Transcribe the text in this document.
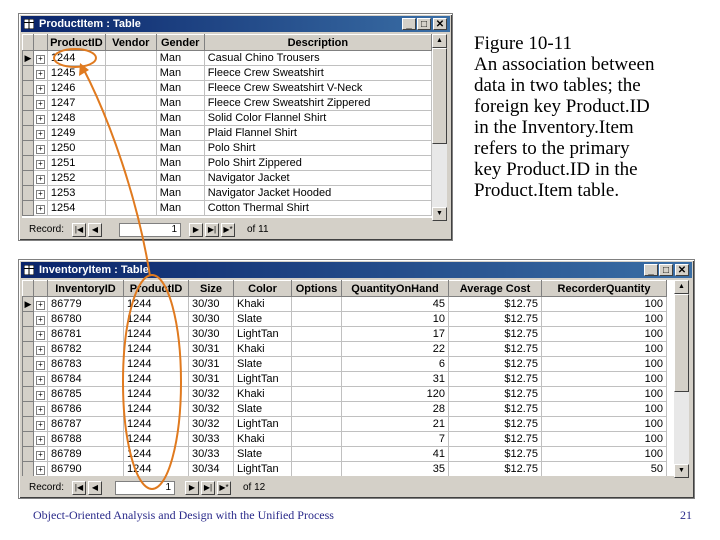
ProductItem : Table	_ □ ✕
		ProductID	Vendor	Gender	Description
▶	+	1244		Man	Casual Chino Trousers
	+	1245		Man	Fleece Crew Sweatshirt
	+	1246		Man	Fleece Crew Sweatshirt V-Neck
	+	1247		Man	Fleece Crew Sweatshirt Zippered
	+	1248		Man	Solid Color Flannel Shirt
	+	1249		Man	Plaid Flannel Shirt
	+	1250		Man	Polo Shirt
	+	1251		Man	Polo Shirt Zippered
	+	1252		Man	Navigator Jacket
	+	1253		Man	Navigator Jacket Hooded
	+	1254		Man	Cotton Thermal Shirt
▲
▼
Record:	|◀	◀	1	▶	▶| ▶* of 11
InventoryItem : Table	_ □ ✕
		InventoryID	ProductID	Size	Color	Options	QuantityOnHand	Average Cost	RecorderQuantity
▶	+	86779	1244	30/30	Khaki		45	$12.75	100
	+	86780	1244	30/30	Slate		10	$12.75	100
	+	86781	1244	30/30	LightTan		17	$12.75	100
	+	86782	1244	30/31	Khaki		22	$12.75	100
	+	86783	1244	30/31	Slate		6	$12.75	100
	+	86784	1244	30/31	LightTan		31	$12.75	100
	+	86785	1244	30/32	Khaki		120	$12.75	100
	+	86786	1244	30/32	Slate		28	$12.75	100
	+	86787	1244	30/32	LightTan		21	$12.75	100
	+	86788	1244	30/33	Khaki		7	$12.75	100
	+	86789	1244	30/33	Slate		41	$12.75	100
	+	86790	1244	30/34	LightTan		35	$12.75	50
▲
▼
Record:	|◀	◀	1	▶	▶| ▶* of 12
Figure 10-11
An association between
data in two tables; the
foreign key Product.ID
in the Inventory.Item
refers to the primary
key Product.ID in the
Product.Item table.
Object-Oriented Analysis and Design with the Unified Process	21
